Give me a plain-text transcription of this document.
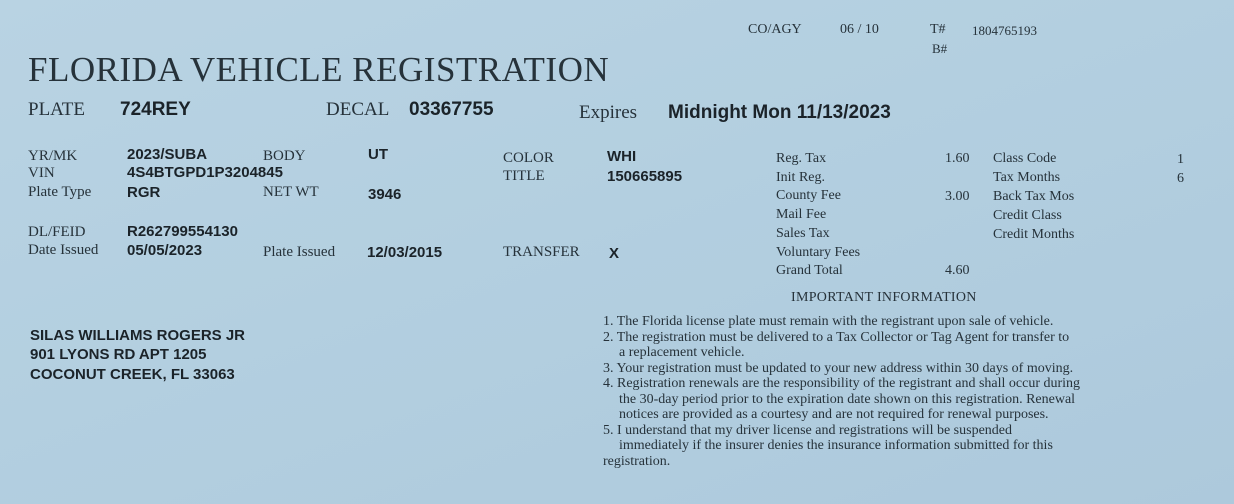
CO/AGY	06 / 10	T# 1804765193
B#
FLORIDA VEHICLE REGISTRATION
PLATE 724REY	DECAL 03367755	Expires Midnight Mon 11/13/2023
YR/MK	2023/SUBA	BODY	UT	COLOR	WHI
VIN	4S4BTGPD1P3204845	TITLE	150665895
Plate Type RGR	NET WT	3946
DL/FEID	R262799554130
Date Issued 05/05/2023	Plate Issued 12/03/2015	TRANSFER X
Reg. Tax	1.60
Init Reg.
County Fee	3.00
Mail Fee
Sales Tax
Voluntary Fees
Grand Total	4.60
Class Code	1
Tax Months	6
Back Tax Mos
Credit Class
Credit Months
IMPORTANT INFORMATION
SILAS WILLIAMS ROGERS JR
901 LYONS RD APT 1205
COCONUT CREEK, FL 33063
1. The Florida license plate must remain with the registrant upon sale of vehicle.
2. The registration must be delivered to a Tax Collector or Tag Agent for transfer to
a replacement vehicle.
3. Your registration must be updated to your new address within 30 days of moving.
4. Registration renewals are the responsibility of the registrant and shall occur during
the 30-day period prior to the expiration date shown on this registration. Renewal
notices are provided as a courtesy and are not required for renewal purposes.
5. I understand that my driver license and registrations will be suspended
immediately if the insurer denies the insurance information submitted for this
registration.
